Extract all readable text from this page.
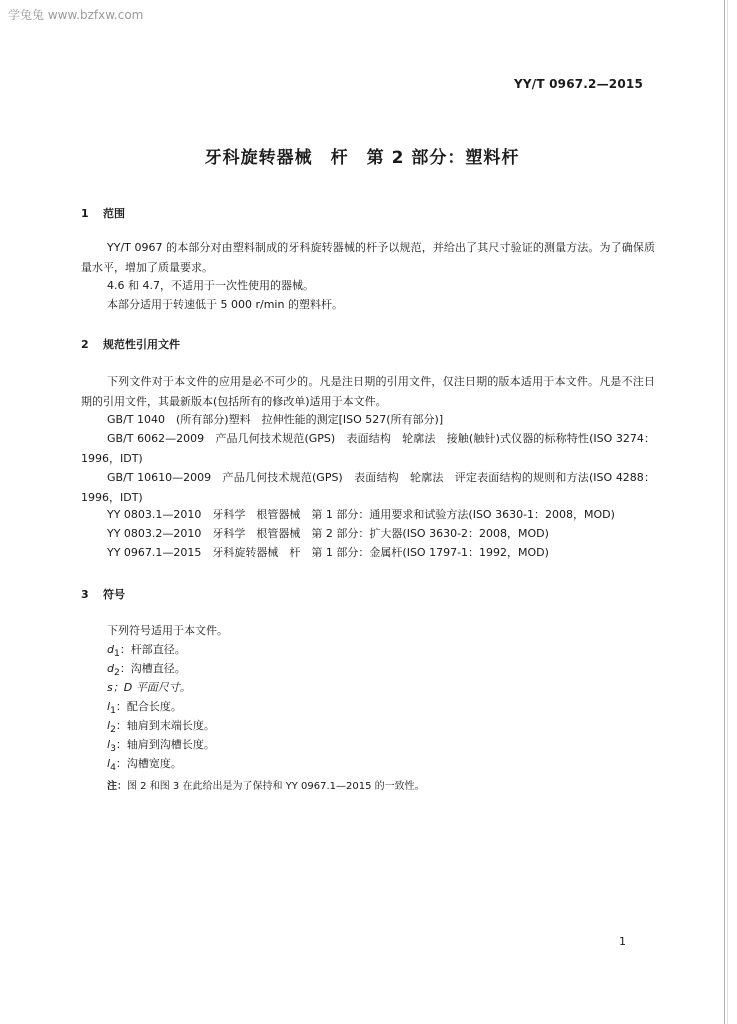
学兔兔 www.bzfxw.com
YY/T 0967.2—2015
牙科旋转器械　杆　第 2 部分：塑料杆
1 范围
YY/T 0967 的本部分对由塑料制成的牙科旋转器械的杆予以规范，并给出了其尺寸验证的测量方法。为了确保质量水平，增加了质量要求。
4.6 和 4.7，不适用于一次性使用的器械。
本部分适用于转速低于 5 000 r/min 的塑料杆。
2 规范性引用文件
下列文件对于本文件的应用是必不可少的。凡是注日期的引用文件，仅注日期的版本适用于本文件。凡是不注日期的引用文件，其最新版本(包括所有的修改单)适用于本文件。
GB/T 1040　(所有部分)塑料　拉伸性能的测定[ISO 527(所有部分)]
GB/T 6062—2009　产品几何技术规范(GPS)　表面结构　轮廓法　接触(触针)式仪器的标称特性(ISO 3274：1996，IDT)
GB/T 10610—2009　产品几何技术规范(GPS)　表面结构　轮廓法　评定表面结构的规则和方法(ISO 4288：1996，IDT)
YY 0803.1—2010　牙科学　根管器械　第 1 部分：通用要求和试验方法(ISO 3630-1：2008，MOD)
YY 0803.2—2010　牙科学　根管器械　第 2 部分：扩大器(ISO 3630-2：2008，MOD)
YY 0967.1—2015　牙科旋转器械　杆　第 1 部分：金属杆(ISO 1797-1：1992，MOD)
3 符号
下列符号适用于本文件。
$d_1$：杆部直径。
$d_2$：沟槽直径。
s；D 平面尺寸。
$l_1$：配合长度。
$l_2$：轴肩到末端长度。
$l_3$：轴肩到沟槽长度。
$l_4$：沟槽宽度。
注：图 2 和图 3 在此给出是为了保持和 YY 0967.1—2015 的一致性。
1
